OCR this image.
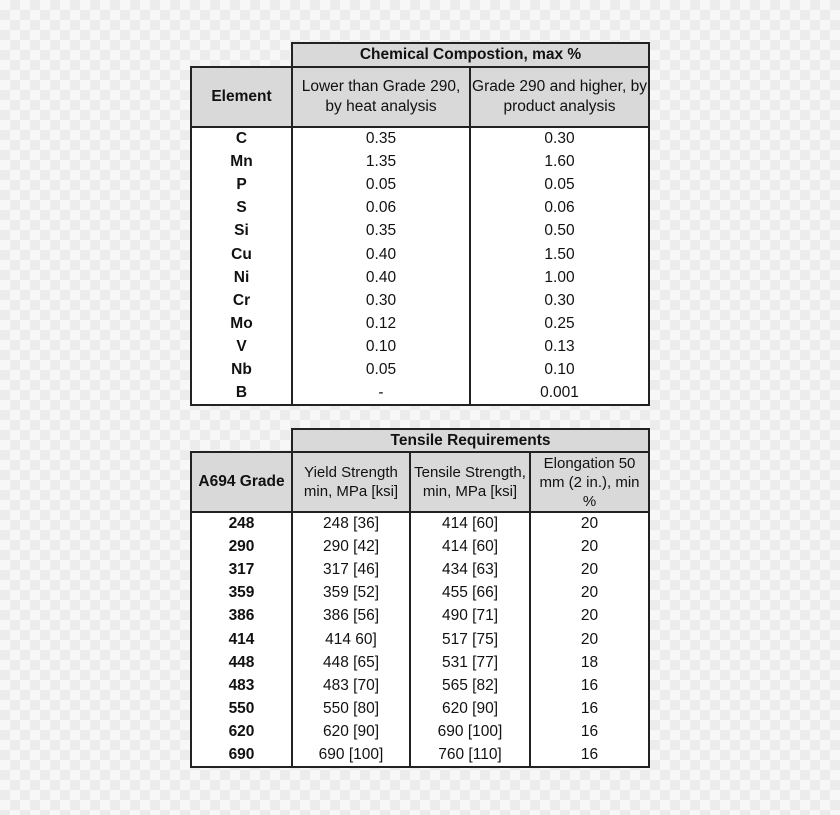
	Chemical Compostion, max %	
Element	Lower than Grade 290, by heat analysis	Grade 290 and higher, by product analysis
C	0.35	0.30
Mn	1.35	1.60
P	0.05	0.05
S	0.06	0.06
Si	0.35	0.50
Cu	0.40	1.50
Ni	0.40	1.00
Cr	0.30	0.30
Mo	0.12	0.25
V	0.10	0.13
Nb	0.05	0.10
B	-	0.001
	Tensile Requirements		
A694 Grade	Yield Strength min, MPa [ksi]	Tensile Strength, min, MPa [ksi]	Elongation 50 mm (2 in.), min %
248	248 [36]	414 [60]	20
290	290 [42]	414 [60]	20
317	317 [46]	434 [63]	20
359	359 [52]	455 [66]	20
386	386 [56]	490 [71]	20
414	414 60]	517 [75]	20
448	448 [65]	531 [77]	18
483	483 [70]	565 [82]	16
550	550 [80]	620 [90]	16
620	620 [90]	690 [100]	16
690	690 [100]	760 [110]	16
